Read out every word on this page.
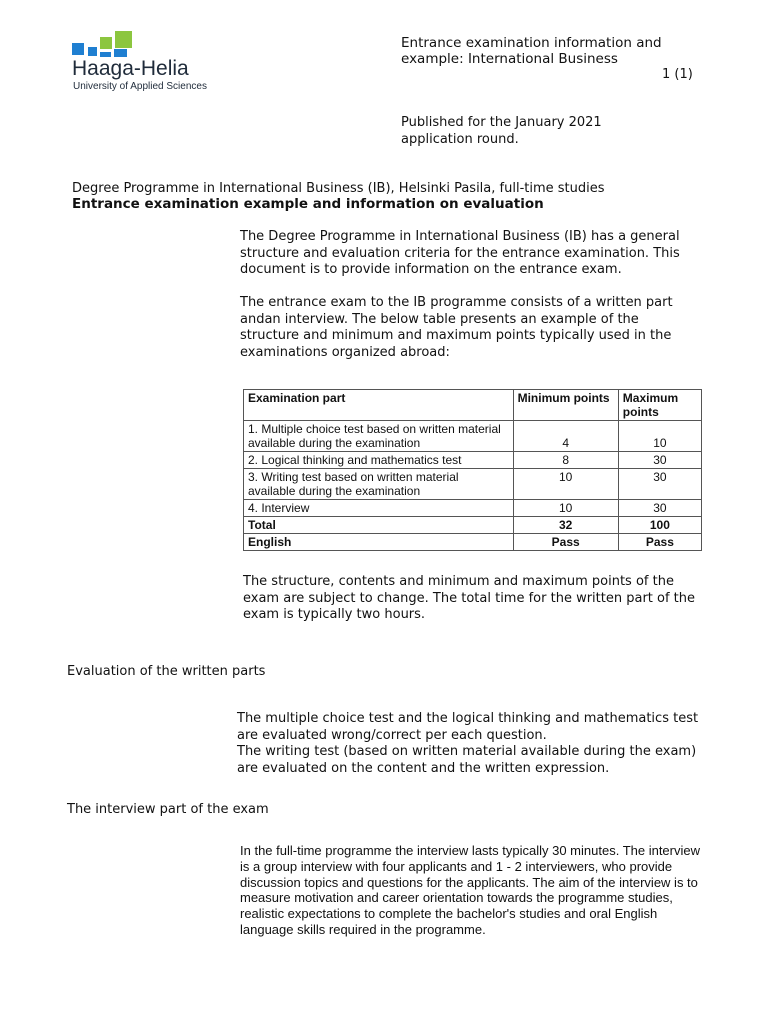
Haaga-Helia
University of Applied Sciences
Entrance examination information and example: International Business
1 (1)
Published for the January 2021 application round.
Degree Programme in International Business (IB), Helsinki Pasila, full-time studies
Entrance examination example and information on evaluation
The Degree Programme in International Business (IB) has a general structure and evaluation criteria for the entrance examination. This document is to provide information on the entrance exam.
The entrance exam to the IB programme consists of a written part andan interview. The below table presents an example of the structure and minimum and maximum points typically used in the examinations organized abroad:
Examination part	Minimum points	Maximum points
1. Multiple choice test based on written material available during the examination	4	10
2. Logical thinking and mathematics test	8	30
3. Writing test based on written material available during the examination	10	30
4. Interview	10	30
Total	32	100
English	Pass	Pass
The structure, contents and minimum and maximum points of the exam are subject to change. The total time for the written part of the exam is typically two hours.
Evaluation of the written parts
The multiple choice test and the logical thinking and mathematics test are evaluated wrong/correct per each question.
The writing test (based on written material available during the exam) are evaluated on the content and the written expression.
The interview part of the exam
In the full-time programme the interview lasts typically 30 minutes. The interview is a group interview with four applicants and 1 - 2 interviewers, who provide discussion topics and questions for the applicants. The aim of the interview is to measure motivation and career orientation towards the programme studies, realistic expectations to complete the bachelor's studies and oral English language skills required in the programme.
